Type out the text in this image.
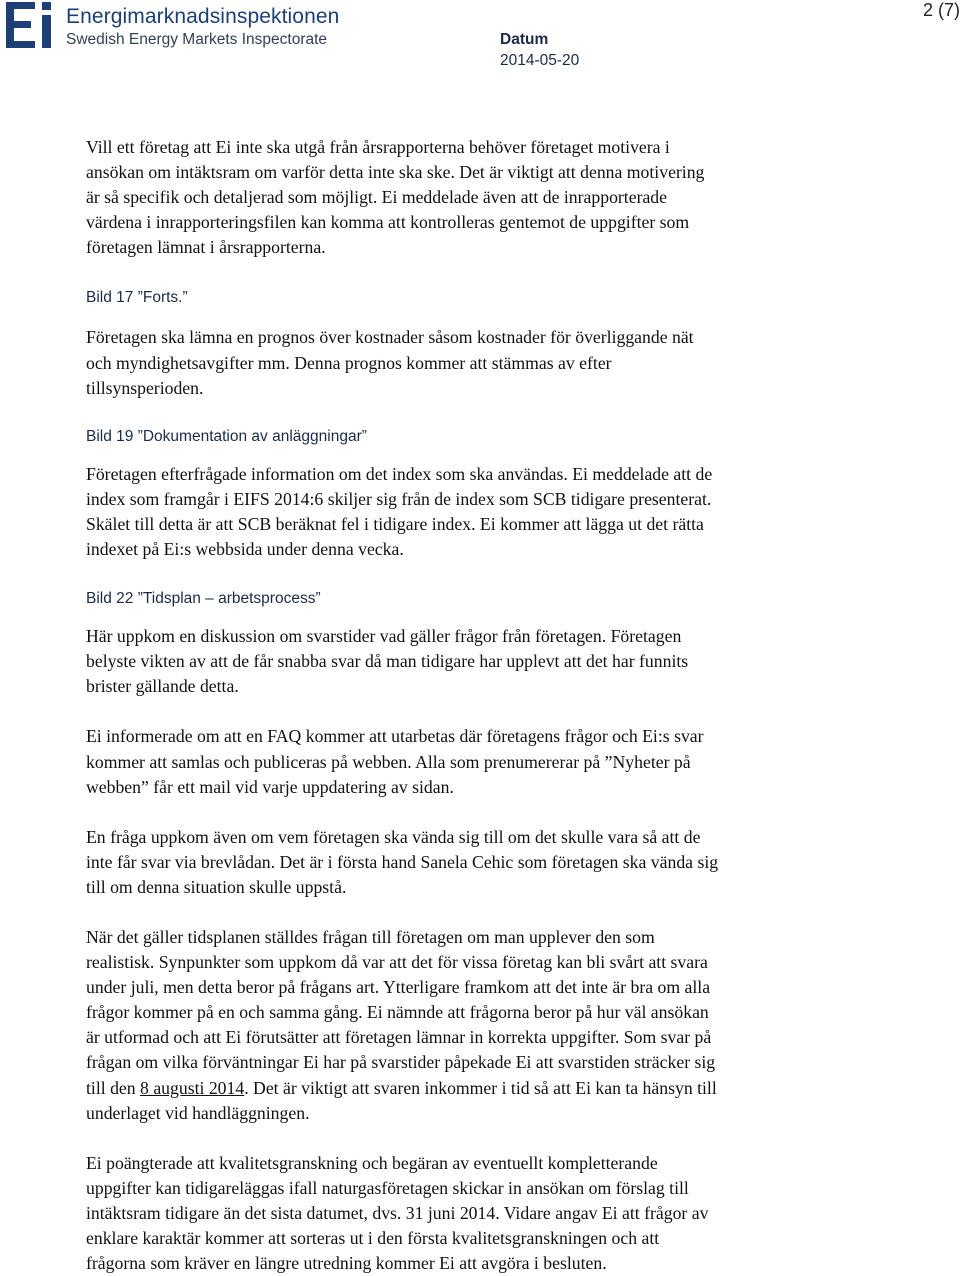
Energimarknadsinspektionen
Swedish Energy Markets Inspectorate	Datum
2014-05-20
2 (7)

Vill ett företag att Ei inte ska utgå från årsrapporterna behöver företaget motivera i
ansökan om intäktsram om varför detta inte ska ske. Det är viktigt att denna motivering
är så specifik och detaljerad som möjligt. Ei meddelade även att de inrapporterade
värdena i inrapporteringsfilen kan komma att kontrolleras gentemot de uppgifter som
företagen lämnat i årsrapporterna.

Bild 17 ”Forts.”

Företagen ska lämna en prognos över kostnader såsom kostnader för överliggande nät
och myndighetsavgifter mm. Denna prognos kommer att stämmas av efter
tillsynsperioden.

Bild 19 ”Dokumentation av anläggningar”

Företagen efterfrågade information om det index som ska användas. Ei meddelade att de
index som framgår i EIFS 2014:6 skiljer sig från de index som SCB tidigare presenterat.
Skälet till detta är att SCB beräknat fel i tidigare index. Ei kommer att lägga ut det rätta
indexet på Ei:s webbsida under denna vecka.

Bild 22 ”Tidsplan – arbetsprocess”

Här uppkom en diskussion om svarstider vad gäller frågor från företagen. Företagen
belyste vikten av att de får snabba svar då man tidigare har upplevt att det har funnits
brister gällande detta.

Ei informerade om att en FAQ kommer att utarbetas där företagens frågor och Ei:s svar
kommer att samlas och publiceras på webben. Alla som prenumererar på ”Nyheter på
webben” får ett mail vid varje uppdatering av sidan.

En fråga uppkom även om vem företagen ska vända sig till om det skulle vara så att de
inte får svar via brevlådan. Det är i första hand Sanela Cehic som företagen ska vända sig
till om denna situation skulle uppstå.

När det gäller tidsplanen ställdes frågan till företagen om man upplever den som
realistisk. Synpunkter som uppkom då var att det för vissa företag kan bli svårt att svara
under juli, men detta beror på frågans art. Ytterligare framkom att det inte är bra om alla
frågor kommer på en och samma gång. Ei nämnde att frågorna beror på hur väl ansökan
är utformad och att Ei förutsätter att företagen lämnar in korrekta uppgifter. Som svar på
frågan om vilka förväntningar Ei har på svarstider påpekade Ei att svarstiden sträcker sig
till den 8 augusti 2014. Det är viktigt att svaren inkommer i tid så att Ei kan ta hänsyn till
underlaget vid handläggningen.

Ei poängterade att kvalitetsgranskning och begäran av eventuellt kompletterande
uppgifter kan tidigareläggas ifall naturgasföretagen skickar in ansökan om förslag till
intäktsram tidigare än det sista datumet, dvs. 31 juni 2014. Vidare angav Ei att frågor av
enklare karaktär kommer att sorteras ut i den första kvalitetsgranskningen och att
frågorna som kräver en längre utredning kommer Ei att avgöra i besluten.
